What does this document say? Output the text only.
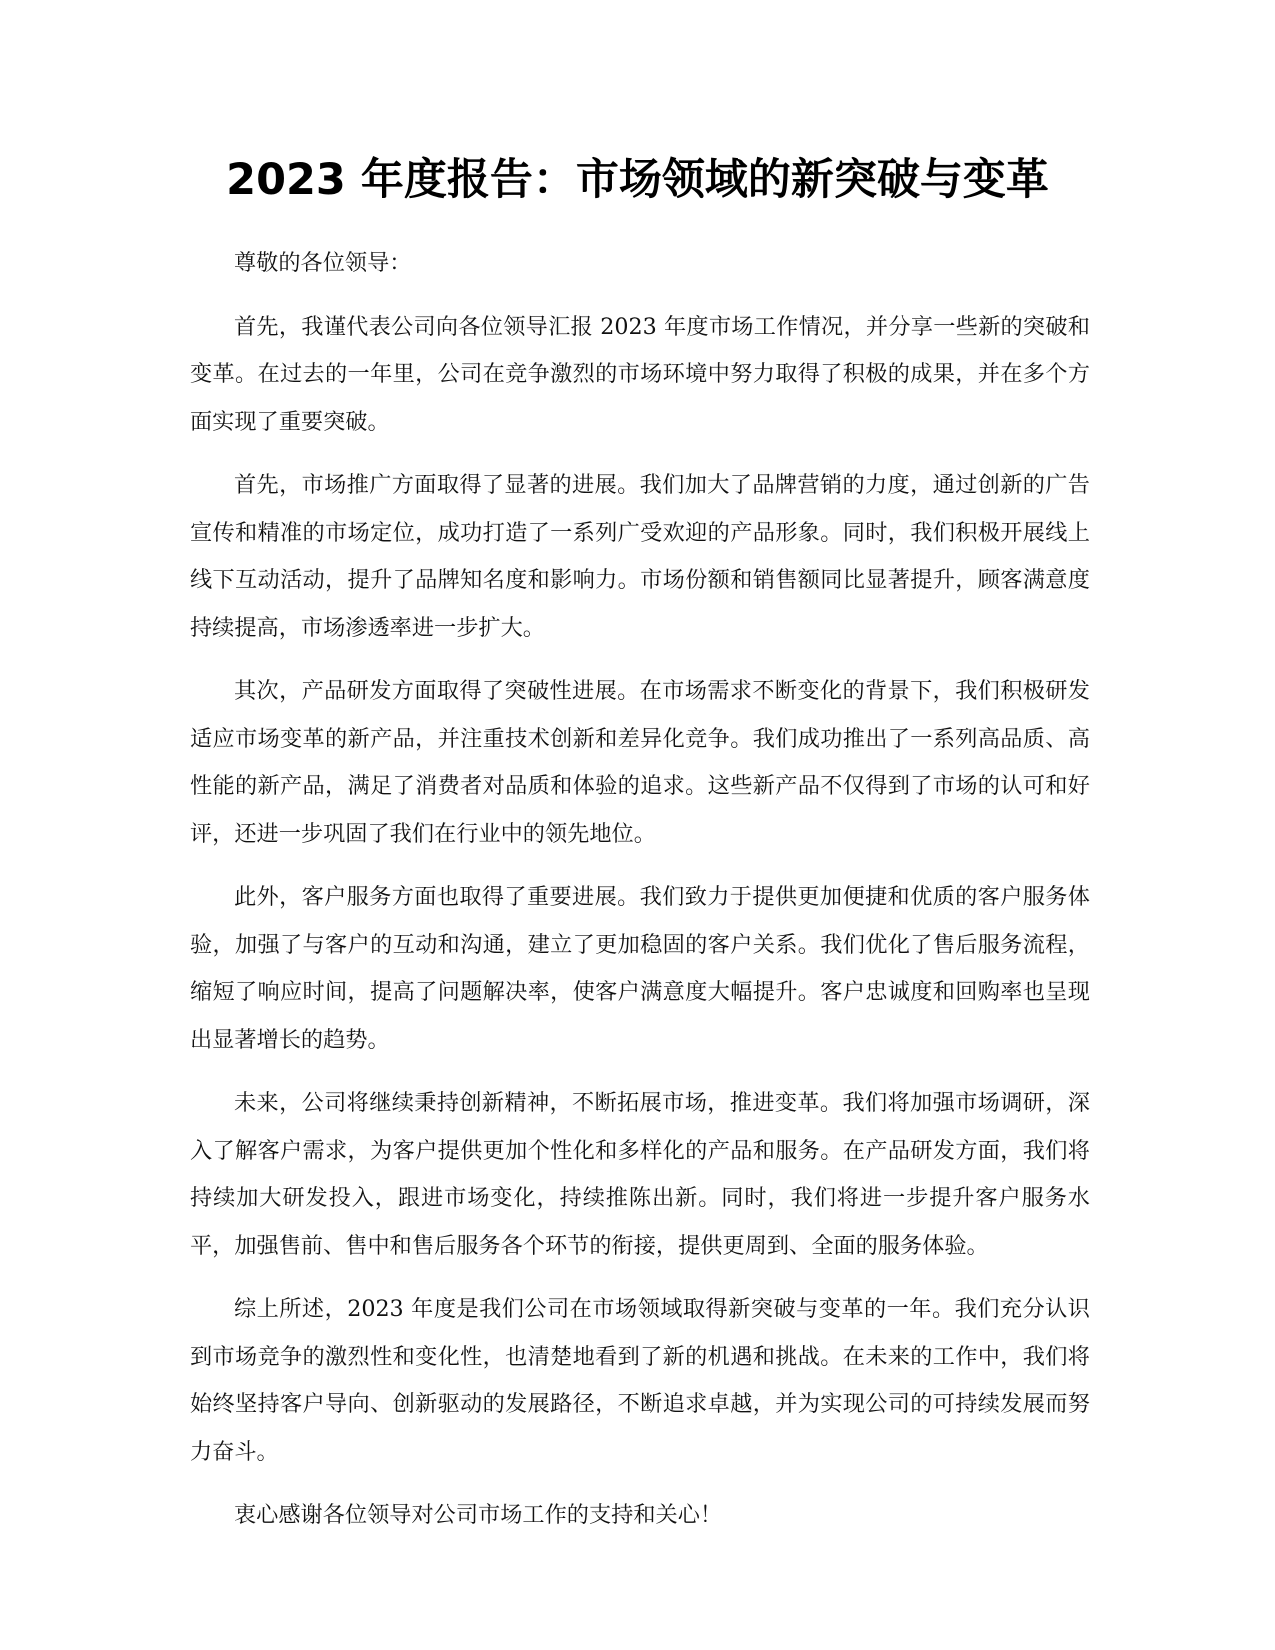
2023 年度报告：市场领域的新突破与变革

尊敬的各位领导：

首先，我谨代表公司向各位领导汇报 2023 年度市场工作情况，并分享一些新的突破和变革。在过去的一年里，公司在竞争激烈的市场环境中努力取得了积极的成果，并在多个方面实现了重要突破。

首先，市场推广方面取得了显著的进展。我们加大了品牌营销的力度，通过创新的广告宣传和精准的市场定位，成功打造了一系列广受欢迎的产品形象。同时，我们积极开展线上线下互动活动，提升了品牌知名度和影响力。市场份额和销售额同比显著提升，顾客满意度持续提高，市场渗透率进一步扩大。

其次，产品研发方面取得了突破性进展。在市场需求不断变化的背景下，我们积极研发适应市场变革的新产品，并注重技术创新和差异化竞争。我们成功推出了一系列高品质、高性能的新产品，满足了消费者对品质和体验的追求。这些新产品不仅得到了市场的认可和好评，还进一步巩固了我们在行业中的领先地位。

此外，客户服务方面也取得了重要进展。我们致力于提供更加便捷和优质的客户服务体验，加强了与客户的互动和沟通，建立了更加稳固的客户关系。我们优化了售后服务流程，缩短了响应时间，提高了问题解决率，使客户满意度大幅提升。客户忠诚度和回购率也呈现出显著增长的趋势。

未来，公司将继续秉持创新精神，不断拓展市场，推进变革。我们将加强市场调研，深入了解客户需求，为客户提供更加个性化和多样化的产品和服务。在产品研发方面，我们将持续加大研发投入，跟进市场变化，持续推陈出新。同时，我们将进一步提升客户服务水平，加强售前、售中和售后服务各个环节的衔接，提供更周到、全面的服务体验。

综上所述，2023 年度是我们公司在市场领域取得新突破与变革的一年。我们充分认识到市场竞争的激烈性和变化性，也清楚地看到了新的机遇和挑战。在未来的工作中，我们将始终坚持客户导向、创新驱动的发展路径，不断追求卓越，并为实现公司的可持续发展而努力奋斗。

衷心感谢各位领导对公司市场工作的支持和关心！
